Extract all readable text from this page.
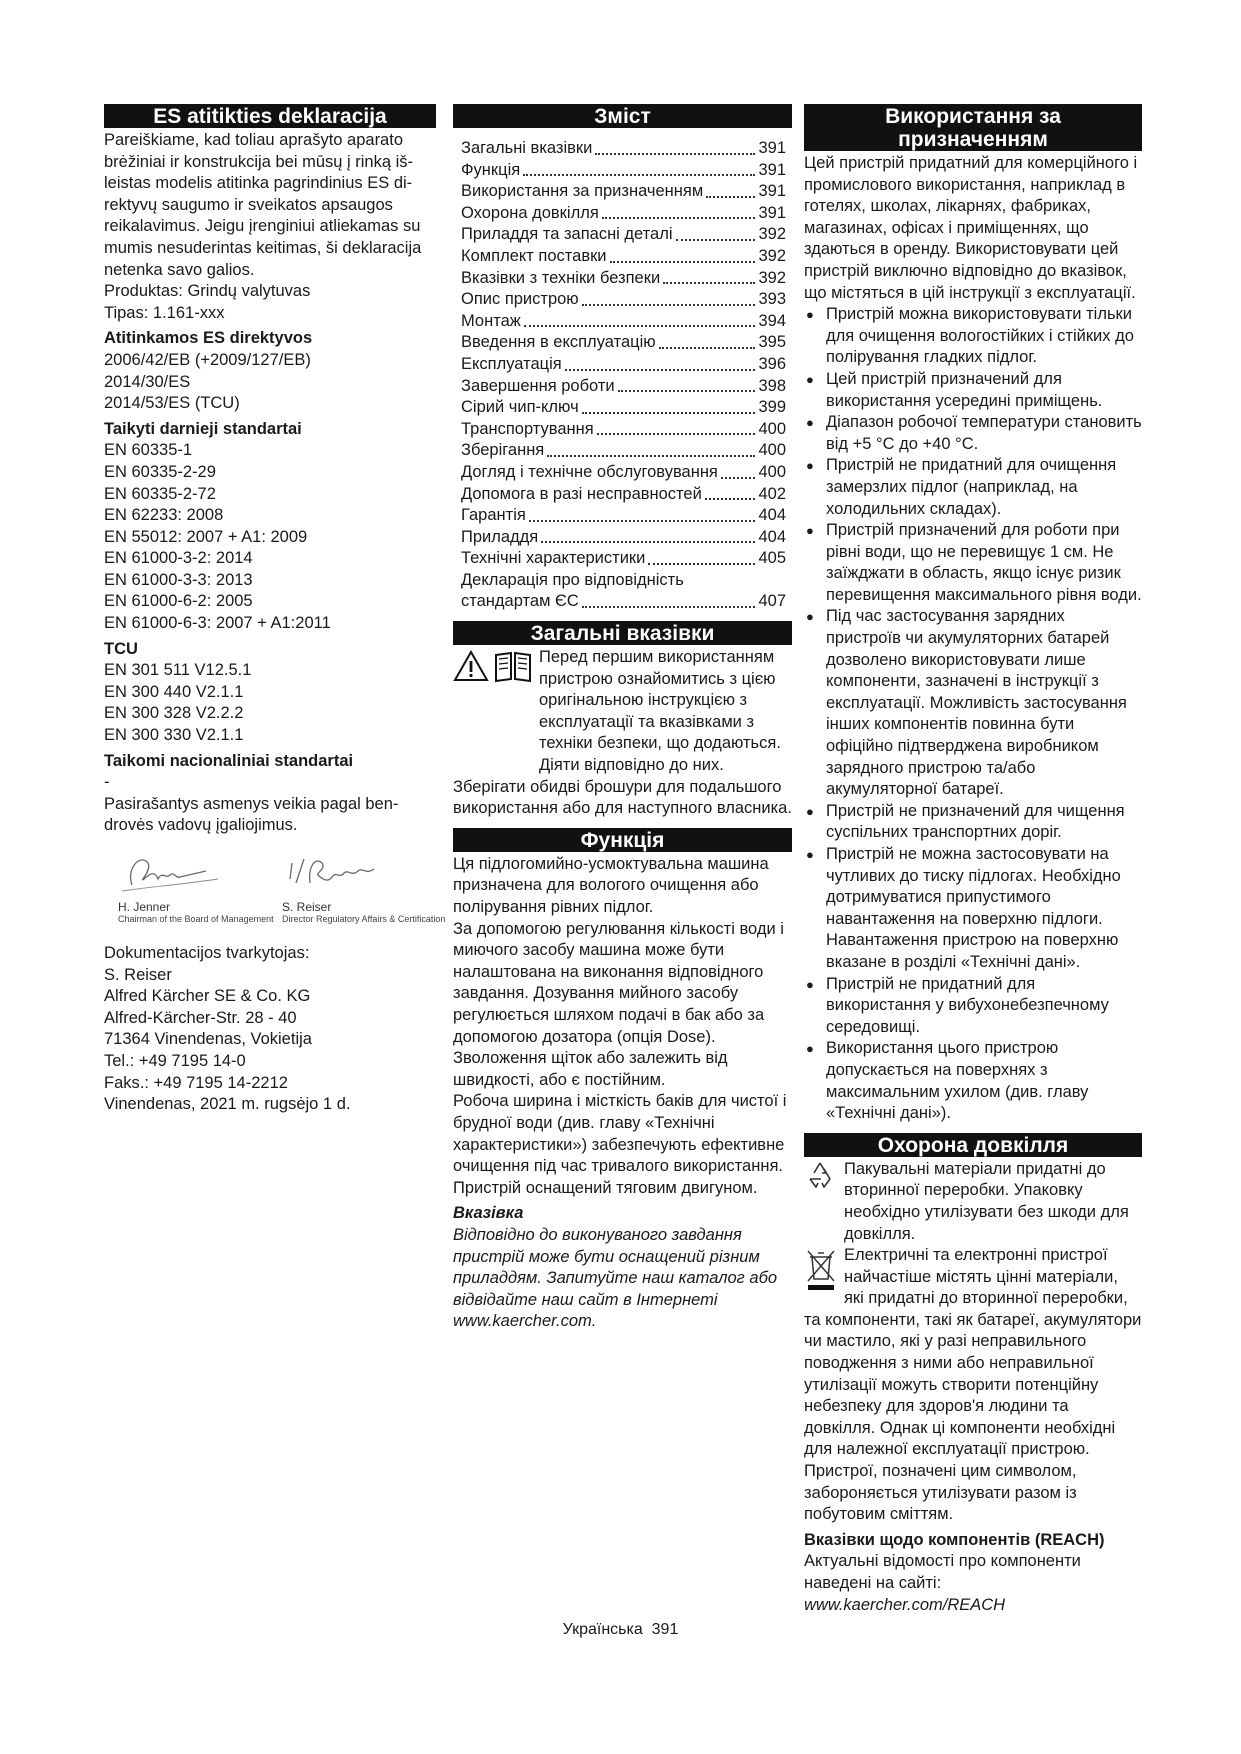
ES atitikties deklaracija

Pareiškiame, kad toliau aprašyto aparato brėžiniai ir konstrukcija bei mūsų į rinką išleistas modelis atitinka pagrindinius ES direktyvų saugumo ir sveikatos apsaugos reikalavimus. Jeigu įrenginiui atliekamas su mumis nesuderintas keitimas, ši deklaracija netenka savo galios.

Produktas: Grindų valytuvas

Tipas: 1.161-xxx

Atitinkamos ES direktyvos

2006/42/EB (+2009/127/EB)

2014/30/ES

2014/53/ES (TCU)

Taikyti darnieji standartai

EN 60335-1

EN 60335-2-29

EN 60335-2-72

EN 62233: 2008

EN 55012: 2007 + A1: 2009

EN 61000-3-2: 2014

EN 61000-3-3: 2013

EN 61000-6-2: 2005

EN 61000-6-3: 2007 + A1:2011

TCU

EN 301 511 V12.5.1

EN 300 440 V2.1.1

EN 300 328 V2.2.2

EN 300 330 V2.1.1

Taikomi nacionaliniai standartai

-

Pasirašantys asmenys veikia pagal bendrovės vadovų įgaliojimus.

H. Jenner
Chairman of the Board of Management
S. Reiser
Director Regulatory Affairs & Certification

Dokumentacijos tvarkytojas:

S. Reiser

Alfred Kärcher SE & Co. KG

Alfred-Kärcher-Str. 28 - 40

71364 Vinendenas, Vokietija

Tel.: +49 7195 14-0

Faks.: +49 7195 14-2212

Vinendenas, 2021 m. rugsėjo 1 d.

Зміст
Загальні вказівки	391
Функція	391
Використання за призначенням	391
Охорона довкілля	391
Приладдя та запасні деталі	392
Комплект поставки	392
Вказівки з техніки безпеки	392
Опис пристрою	393
Монтаж	394
Введення в експлуатацію	395
Експлуатація	396
Завершення роботи	398
Сірий чип-ключ	399
Транспортування	400
Зберігання	400
Догляд і технічне обслуговування 400
Допомога в разі несправностей	402
Гарантія	404
Приладдя	404
Технічні характеристики	405
Декларація про відповідність
стандартам ЄС	407
Загальні вказівки

Перед першим використанням пристрою ознайомитись з цією оригінальною інструкцією з експлуатації та вказівками з техніки безпеки, що додаються. Діяти відповідно до них.

Зберігати обидві брошури для подальшого використання або для наступного власника.

Функція

Ця підлогомийно-усмоктувальна машина призначена для вологого очищення або полірування рівних підлог.

За допомогою регулювання кількості води і миючого засобу машина може бути налаштована на виконання відповідного завдання. Дозування мийного засобу регулюється шляхом подачі в бак або за допомогою дозатора (опція Dose).

Зволоження щіток або залежить від швидкості, або є постійним.

Робоча ширина і місткість баків для чистої і брудної води (див. главу «Технічні характеристики») забезпечують ефективне очищення під час тривалого використання.

Пристрій оснащений тяговим двигуном.

Вказівка

Відповідно до виконуваного завдання пристрій може бути оснащений різним приладдям. Запитуйте наш каталог або відвідайте наш сайт в Інтернеті www.kaercher.com.

Використання за призначенням

Цей пристрій придатний для комерційного і промислового використання, наприклад в готелях, школах, лікарнях, фабриках, магазинах, офісах і приміщеннях, що здаються в оренду. Використовувати цей пристрій виключно відповідно до вказівок, що містяться в цій інструкції з експлуатації.

● Пристрій можна використовувати тільки для очищення вологостійких і стійких до полірування гладких підлог.
● Цей пристрій призначений для використання усередині приміщень.
● Діапазон робочої температури становить від +5 °C до +40 °C.
● Пристрій не придатний для очищення замерзлих підлог (наприклад, на холодильних складах).
● Пристрій призначений для роботи при рівні води, що не перевищує 1 см. Не заїжджати в область, якщо існує ризик перевищення максимального рівня води.
● Під час застосування зарядних пристроїв чи акумуляторних батарей дозволено використовувати лише компоненти, зазначені в інструкції з експлуатації. Можливість застосування інших компонентів повинна бути офіційно підтверджена виробником зарядного пристрою та/або акумуляторної батареї.
● Пристрій не призначений для чищення суспільних транспортних доріг.
● Пристрій не можна застосовувати на чутливих до тиску підлогах. Необхідно дотримуватися припустимого навантаження на поверхню підлоги. Навантаження пристрою на поверхню вказане в розділі «Технічні дані».
● Пристрій не придатний для використання у вибухонебезпечному середовищі.
● Використання цього пристрою допускається на поверхнях з максимальним ухилом (див. главу «Технічні дані»).
Охорона довкілля

Пакувальні матеріали придатні до вторинної переробки. Упаковку необхідно утилізувати без шкоди для довкілля.

Електричні та електронні пристрої найчастіше містять цінні матеріали, які придатні до вторинної переробки, та компоненти, такі як батареї, акумулятори чи мастило, які у разі неправильного поводження з ними або неправильної утилізації можуть створити потенційну небезпеку для здоров'я людини та довкілля. Однак ці компоненти необхідні для належної експлуатації пристрою. Пристрої, позначені цим символом, забороняється утилізувати разом із побутовим сміттям.

Вказівки щодо компонентів (REACH)

Актуальні відомості про компоненти наведені на сайті: www.kaercher.com/REACH

Українська 391
